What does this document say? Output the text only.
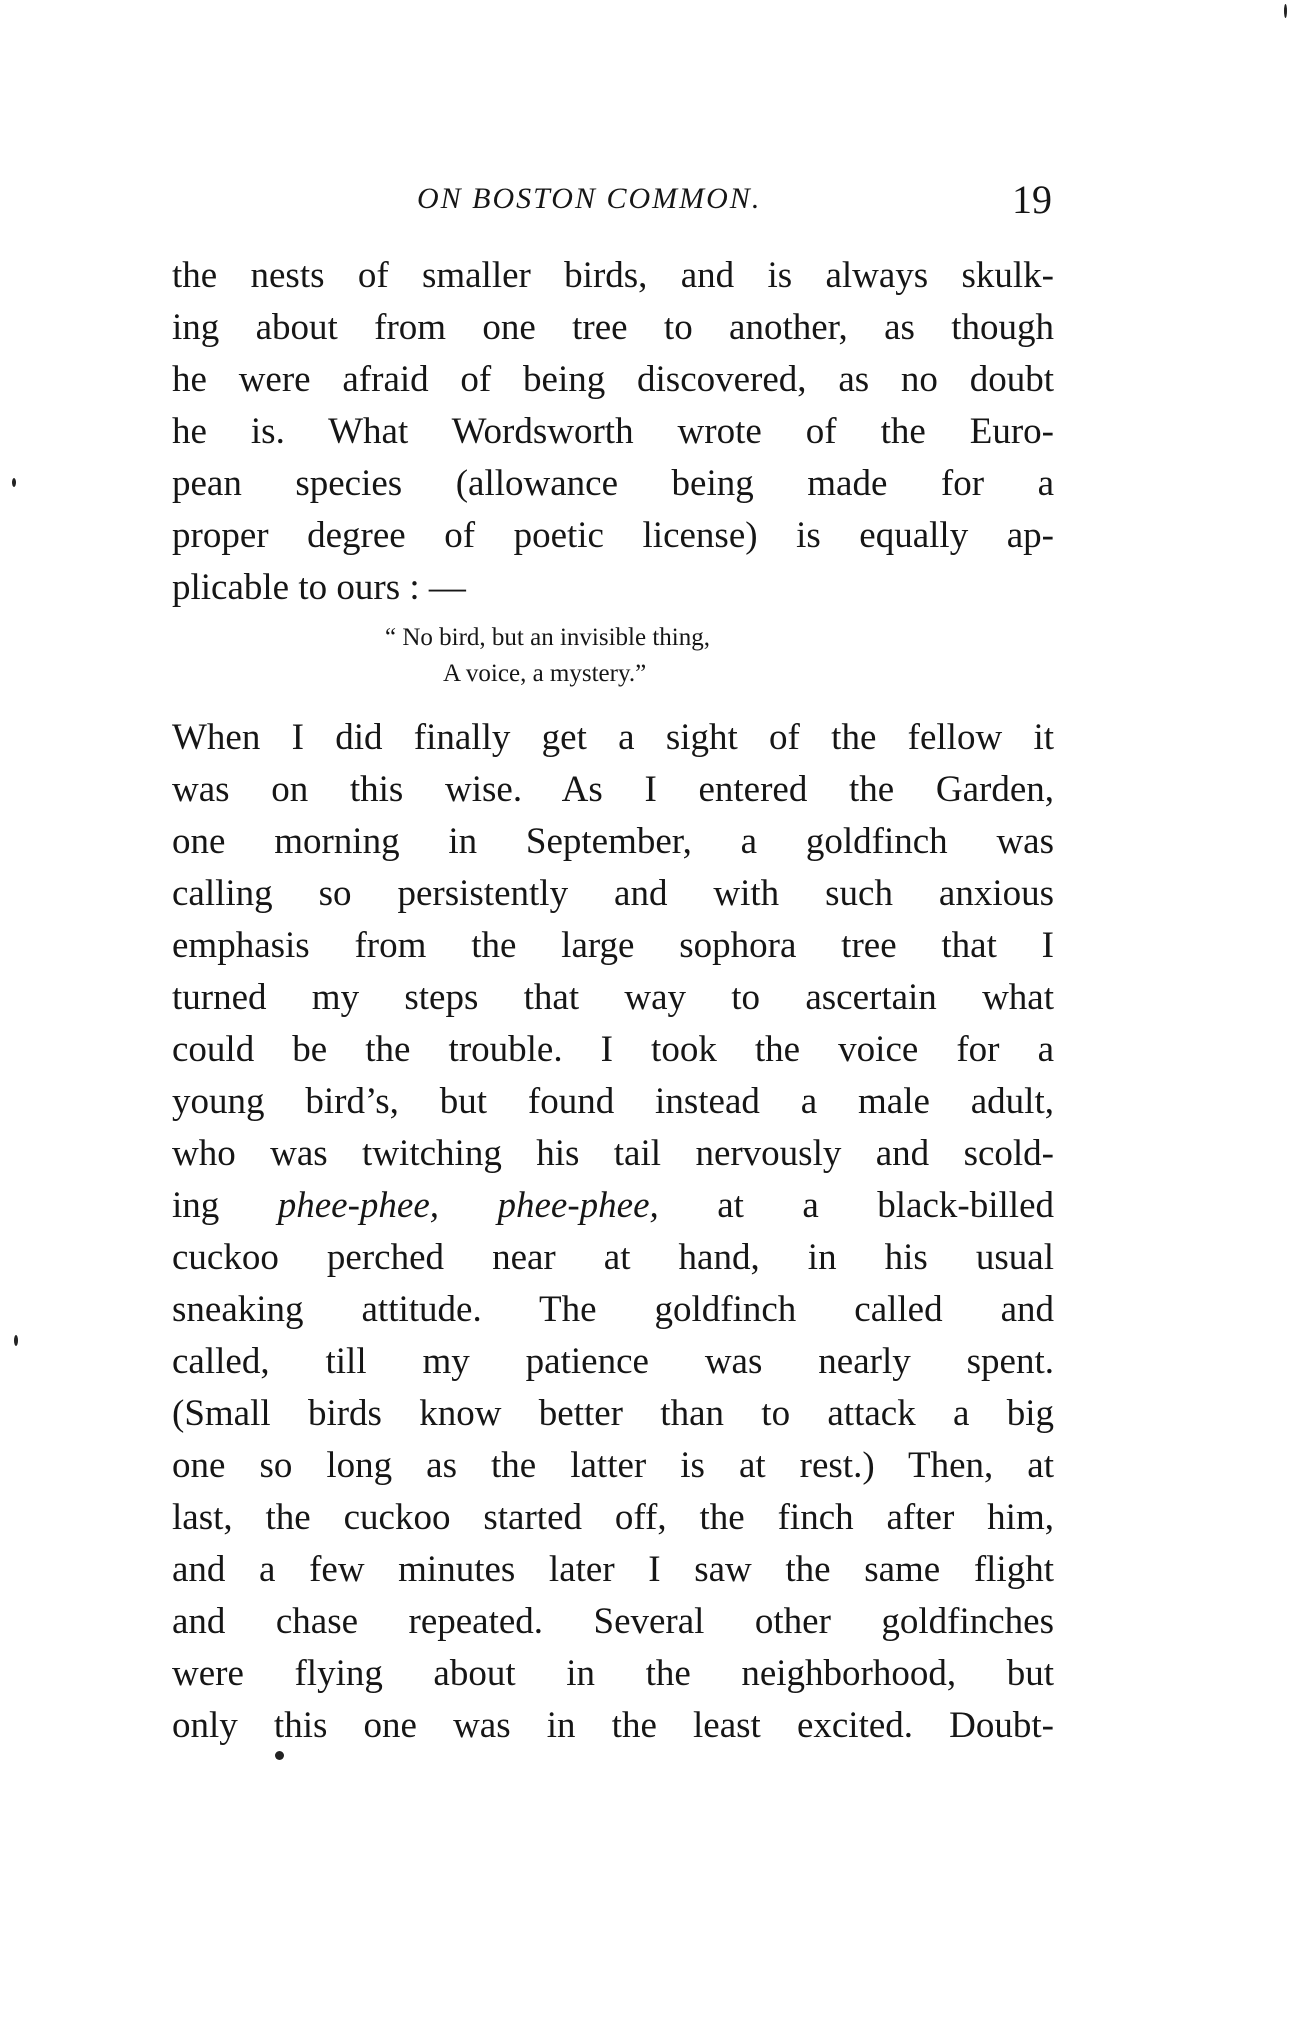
ON BOSTON COMMON.	19
the nests of smaller birds, and is always skulk-
ing about from one tree to another, as though
he were afraid of being discovered, as no doubt
he is. What Wordsworth wrote of the Euro-
pean species (allowance being made for a
proper degree of poetic license) is equally ap-
plicable to ours : —
“ No bird, but an invisible thing,
A voice, a mystery.”
When I did finally get a sight of the fellow it
was on this wise. As I entered the Garden,
one morning in September, a goldfinch was
calling so persistently and with such anxious
emphasis from the large sophora tree that I
turned my steps that way to ascertain what
could be the trouble. I took the voice for a
young bird’s, but found instead a male adult,
who was twitching his tail nervously and scold-
ing phee-phee, phee-phee, at a black-billed
cuckoo perched near at hand, in his usual
sneaking attitude. The goldfinch called and
called, till my patience was nearly spent.
(Small birds know better than to attack a big
one so long as the latter is at rest.) Then, at
last, the cuckoo started off, the finch after him,
and a few minutes later I saw the same flight
and chase repeated. Several other goldfinches
were flying about in the neighborhood, but
only this one was in the least excited. Doubt-
